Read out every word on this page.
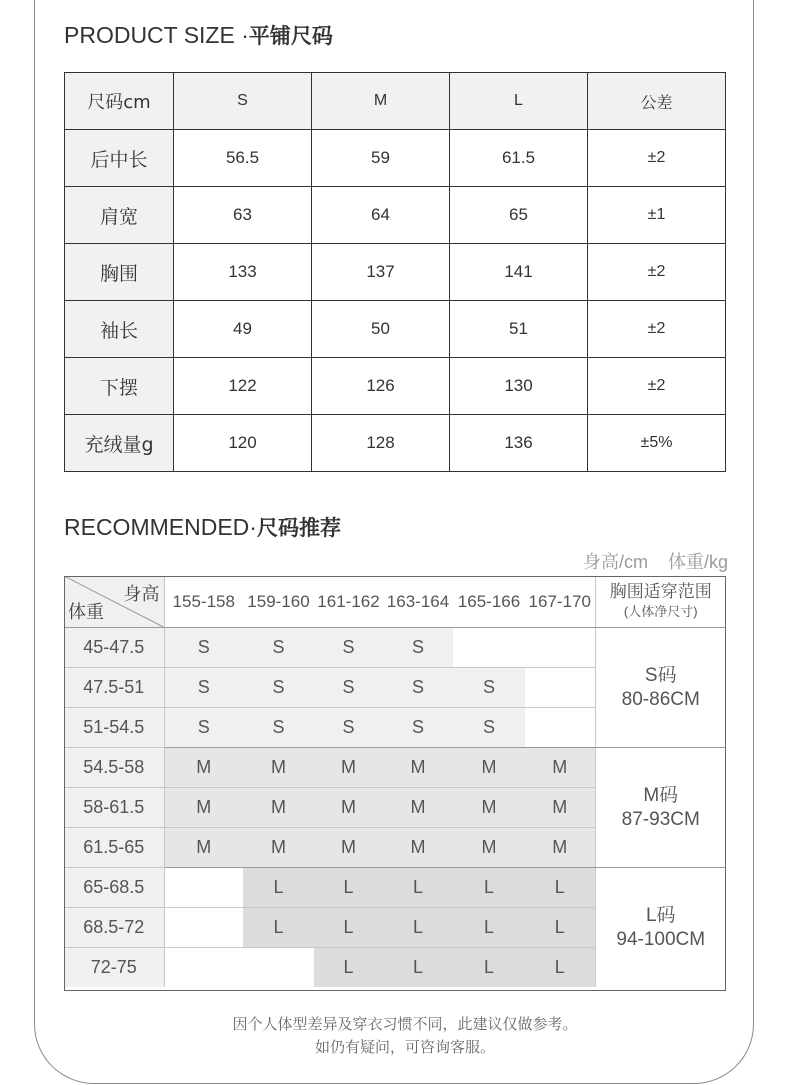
PRODUCT SIZE ·平铺尺码
尺码cm	S	M	L	公差
后中长	56.5	59	61.5	±2
肩宽	63	64	65	±1
胸围	133	137	141	±2
袖长	49	50	51	±2
下摆	122	126	130	±2
充绒量g	120	128	136	±5%
RECOMMENDED·尺码推荐
身高/cm 体重/kg
身高
体重	155-158	159-160	161-162	163-164	165-166	167-170	胸围适穿范围
(人体净尺寸)

45-47.5	S	S	S	S			S码
80-86CM

47.5-51	S	S	S	S	S		
51-54.5	S	S	S	S	S		
54.5-58	M	M	M	M	M	M	M码
87-93CM

58-61.5	M	M	M	M	M	M	
61.5-65	M	M	M	M	M	M	
65-68.5		L	L	L	L	L	L码
94-100CM

68.5-72		L	L	L	L	L	
72-75			L	L	L	L	
因个人体型差异及穿衣习惯不同，此建议仅做参考。
如仍有疑问，可咨询客服。
